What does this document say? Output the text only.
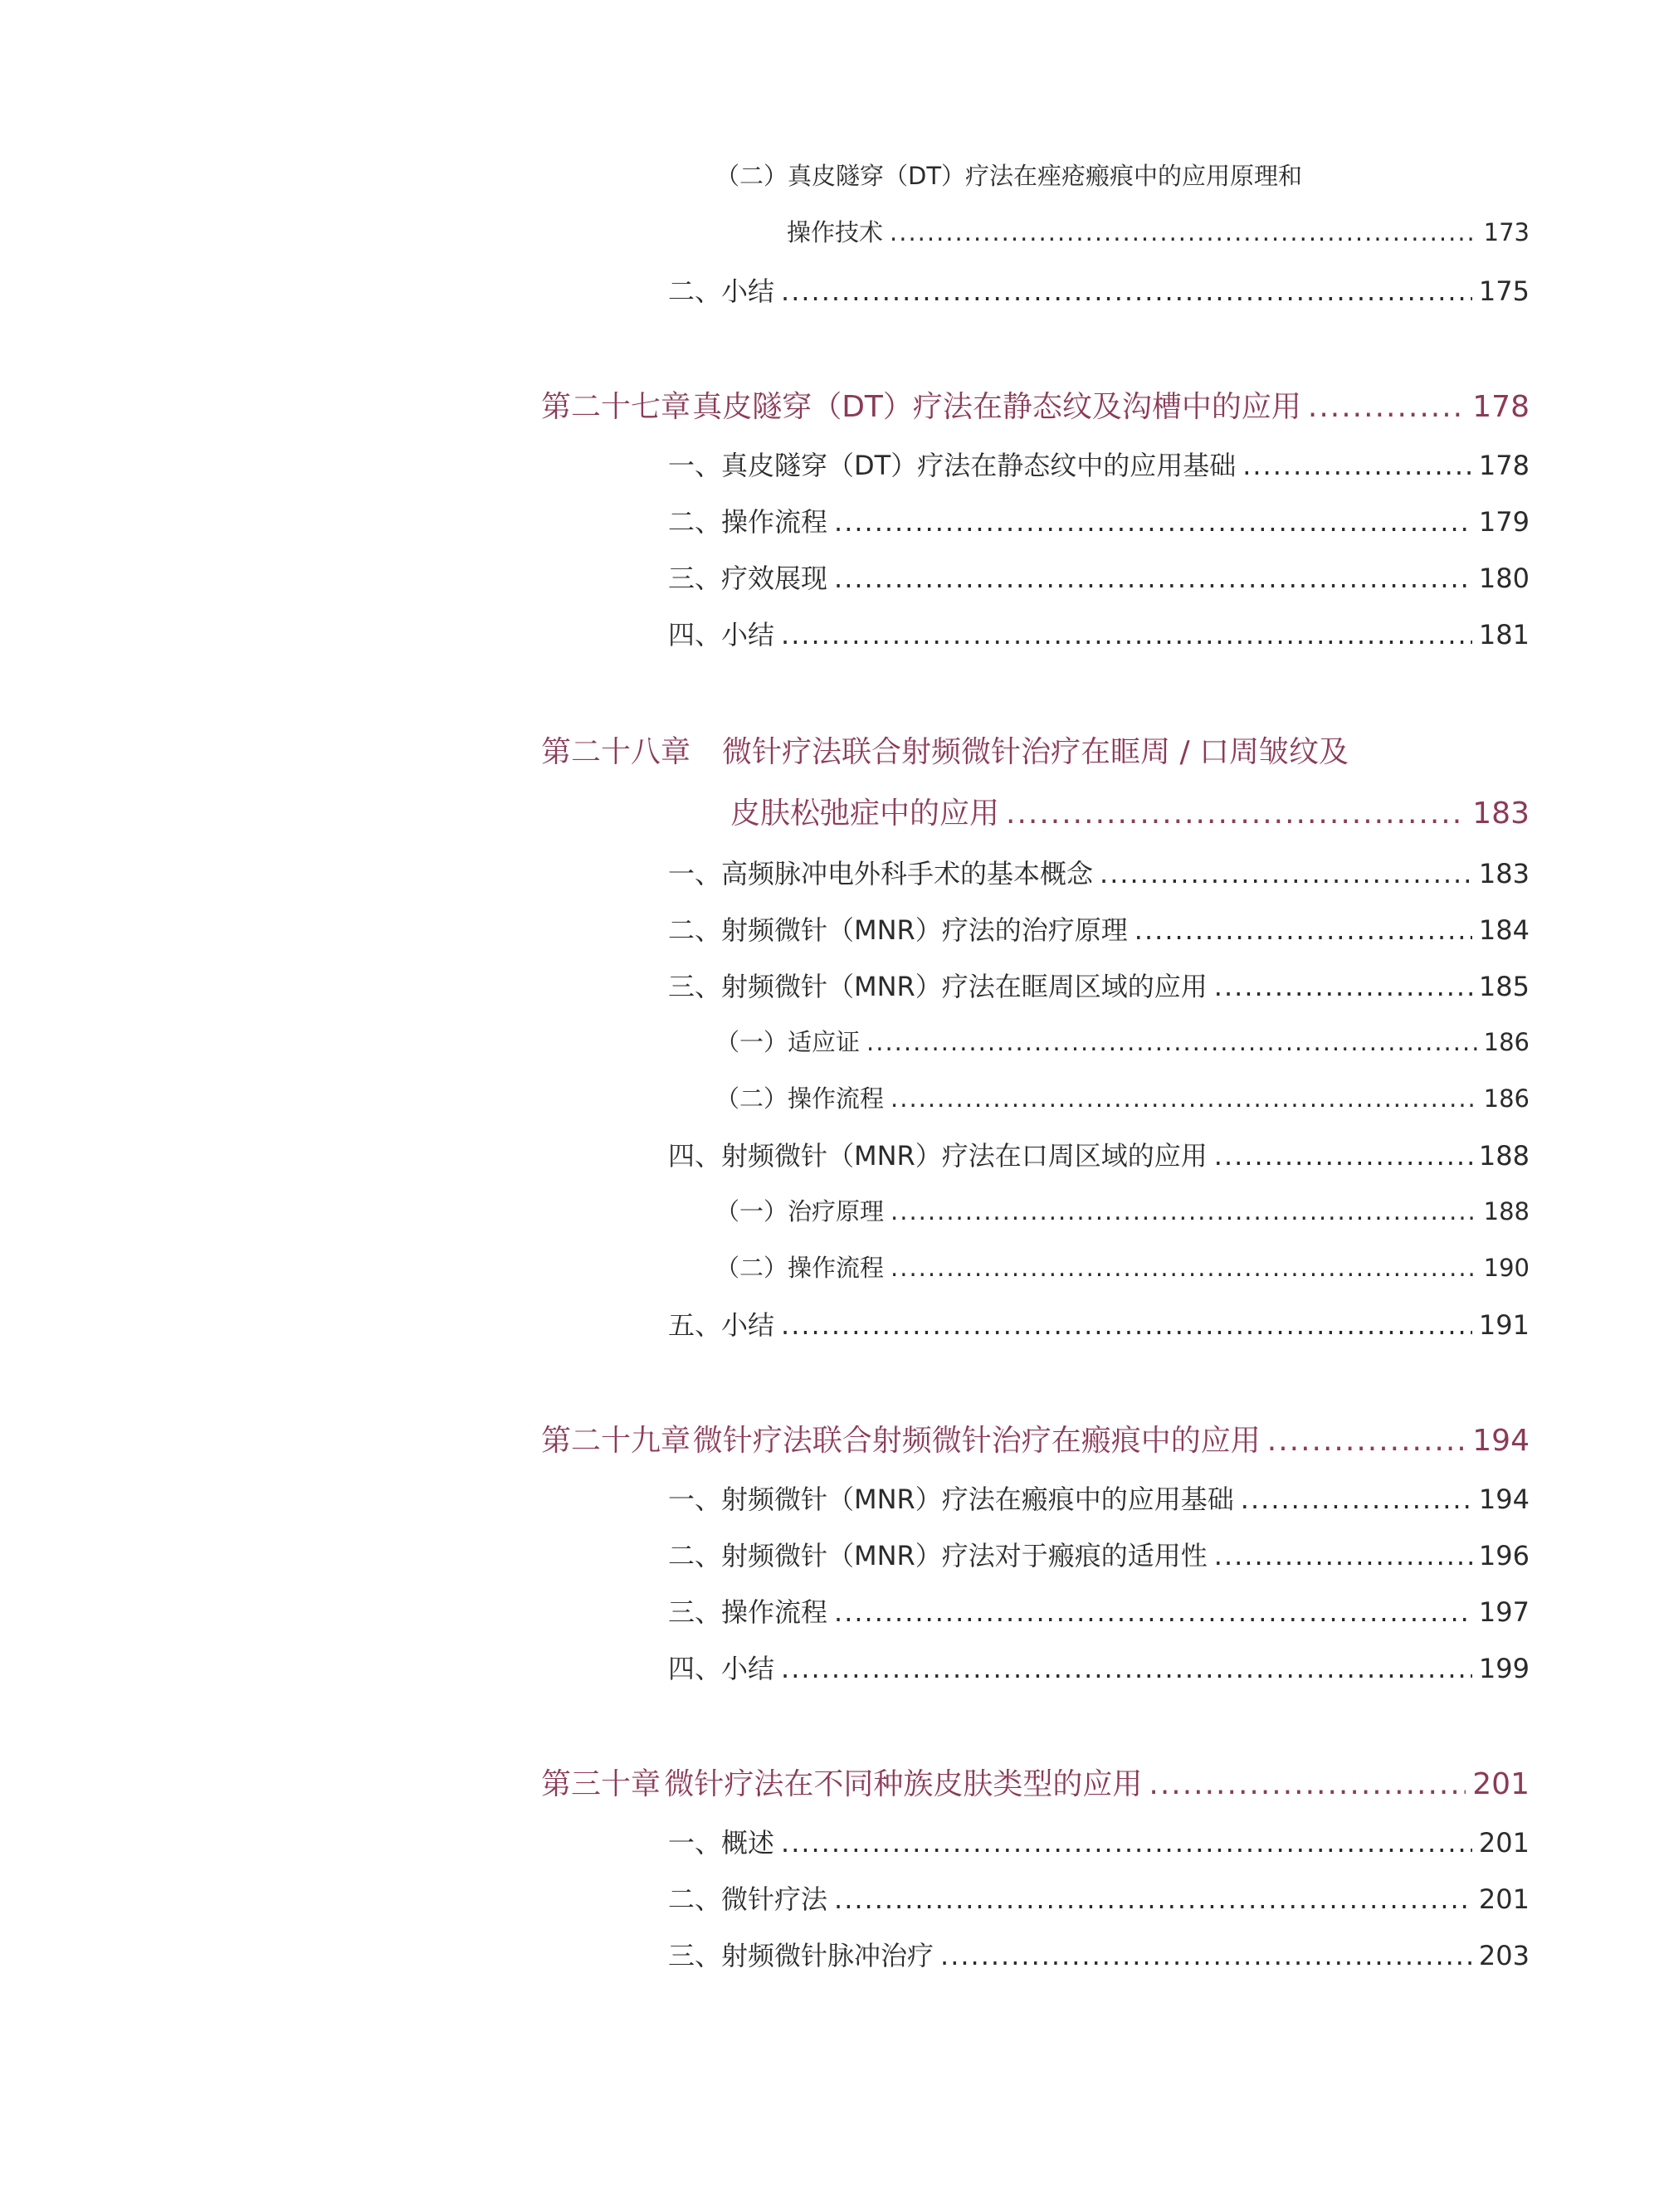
（二）真皮隧穿（DT）疗法在痤疮瘢痕中的应用原理和
操作技术 .....	173
二、小结 .....	175
第二十七章 真皮隧穿（DT）疗法在静态纹及沟槽中的应用 .....	178
一、真皮隧穿（DT）疗法在静态纹中的应用基础 .....	178
二、操作流程 .....	179
三、疗效展现 .....	180
四、小结 .....	181
第二十八章 微针疗法联合射频微针治疗在眶周 / 口周皱纹及
皮肤松弛症中的应用 .....	183
一、高频脉冲电外科手术的基本概念 .....	183
二、射频微针（MNR）疗法的治疗原理 .....	184
三、射频微针（MNR）疗法在眶周区域的应用 .....	185
（一）适应证 .....	186
（二）操作流程 .....	186
四、射频微针（MNR）疗法在口周区域的应用 .....	188
（一）治疗原理 .....	188
（二）操作流程 .....	190
五、小结 .....	191
第二十九章 微针疗法联合射频微针治疗在瘢痕中的应用 .....	194
一、射频微针（MNR）疗法在瘢痕中的应用基础 .....	194
二、射频微针（MNR）疗法对于瘢痕的适用性 .....	196
三、操作流程 .....	197
四、小结 .....	199
第三十章 微针疗法在不同种族皮肤类型的应用 .....	201
一、概述 .....	201
二、微针疗法 .....	201
三、射频微针脉冲治疗 .....	203
